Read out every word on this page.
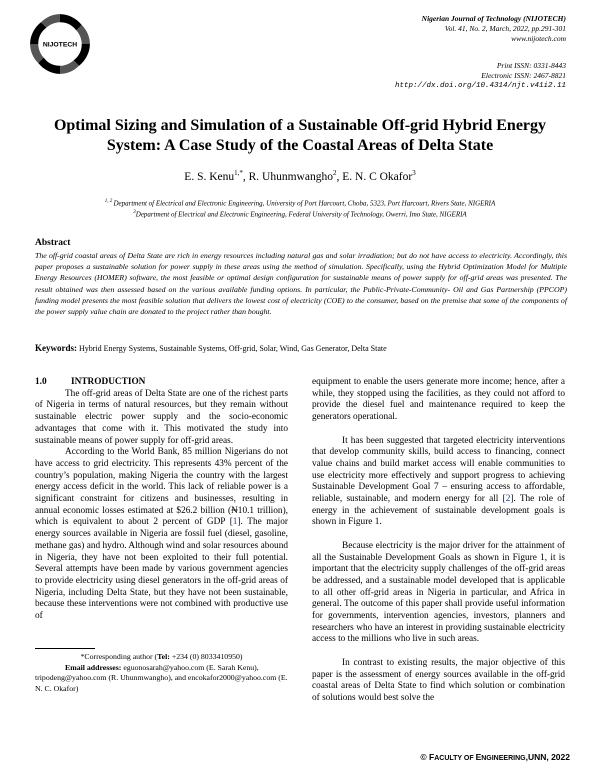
NIJOTECH
Nigerian Journal of Technology (NIJOTECH)
Vol. 41, No. 2, March, 2022, pp.291-301
www.nijotech.com
Print ISSN: 0331-8443
Electronic ISSN: 2467-8821
http://dx.doi.org/10.4314/njt.v41i2.11
Optimal Sizing and Simulation of a Sustainable Off-grid Hybrid Energy
System: A Case Study of the Coastal Areas of Delta State
E. S. Kenu$^{1,*}$, R. Uhunmwangho$^2$, E. N. C Okafor$^3$
$^{1, 2}$ Department of Electrical and Electronic Engineering, University of Port Harcourt, Choba, 5323, Port Harcourt, Rivers State, NIGERIA
$^3$Department of Electrical and Electronic Engineering, Federal University of Technology, Owerri, Imo State, NIGERIA
Abstract

The off-grid coastal areas of Delta State are rich in energy resources including natural gas and solar irradiation; but do not have access to electricity. Accordingly, this paper proposes a sustainable solution for power supply in these areas using the method of simulation. Specifically, using the Hybrid Optimization Model for Multiple Energy Resources (HOMER) software, the most feasible or optimal design configuration for sustainable means of power supply for off-grid areas was presented. The result obtained was then assessed based on the various available funding options. In particular, the Public-Private-Community- Oil and Gas Partnership (PPCOP) funding model presents the most feasible solution that delivers the lowest cost of electricity (COE) to the consumer, based on the premise that some of the components of the power supply value chain are donated to the project rather than bought.

Keywords: Hybrid Energy Systems, Sustainable Systems, Off-grid, Solar, Wind, Gas Generator, Delta State

1.0	INTRODUCTION

The off-grid areas of Delta State are one of the richest parts of Nigeria in terms of natural resources, but they remain without sustainable electric power supply and the socio-economic advantages that come with it. This motivated the study into sustainable means of power supply for off-grid areas.

According to the World Bank, 85 million Nigerians do not have access to grid electricity. This represents 43% percent of the country’s population, making Nigeria the country with the largest energy access deficit in the world. This lack of reliable power is a significant constraint for citizens and businesses, resulting in annual economic losses estimated at $26.2 billion (₦10.1 trillion), which is equivalent to about 2 percent of GDP [1]. The major energy sources available in Nigeria are fossil fuel (diesel, gasoline, methane gas) and hydro. Although wind and solar resources abound in Nigeria, they have not been exploited to their full potential. Several attempts have been made by various government agencies to provide electricity using diesel generators in the off-grid areas of Nigeria, including Delta State, but they have not been sustainable, because these interventions were not combined with productive use of

*Corresponding author (Tel: +234 (0) 8033410950)
Email addresses: eguonosarah@yahoo.com (E. Sarah Kenu), tripodeng@yahoo.com (R. Uhunmwangho), and encokafor2000@yahoo.com (E. N. C. Okafor)

equipment to enable the users generate more income; hence, after a while, they stopped using the facilities, as they could not afford to provide the diesel fuel and maintenance required to keep the generators operational.

It has been suggested that targeted electricity interventions that develop community skills, build access to financing, connect value chains and build market access will enable communities to use electricity more effectively and support progress to achieving Sustainable Development Goal 7 – ensuring access to affordable, reliable, sustainable, and modern energy for all [2]. The role of energy in the achievement of sustainable development goals is shown in Figure 1.

Because electricity is the major driver for the attainment of all the Sustainable Development Goals as shown in Figure 1, it is important that the electricity supply challenges of the off-grid areas be addressed, and a sustainable model developed that is applicable to all other off-grid areas in Nigeria in particular, and Africa in general. The outcome of this paper shall provide useful information for governments, intervention agencies, investors, planners and researchers who have an interest in providing sustainable electricity access to the millions who live in such areas.

In contrast to existing results, the major objective of this paper is the assessment of energy sources available in the off-grid coastal areas of Delta State to find which solution or combination of solutions would best solve the

© FACULTY OF ENGINEERING,UNN, 2022
